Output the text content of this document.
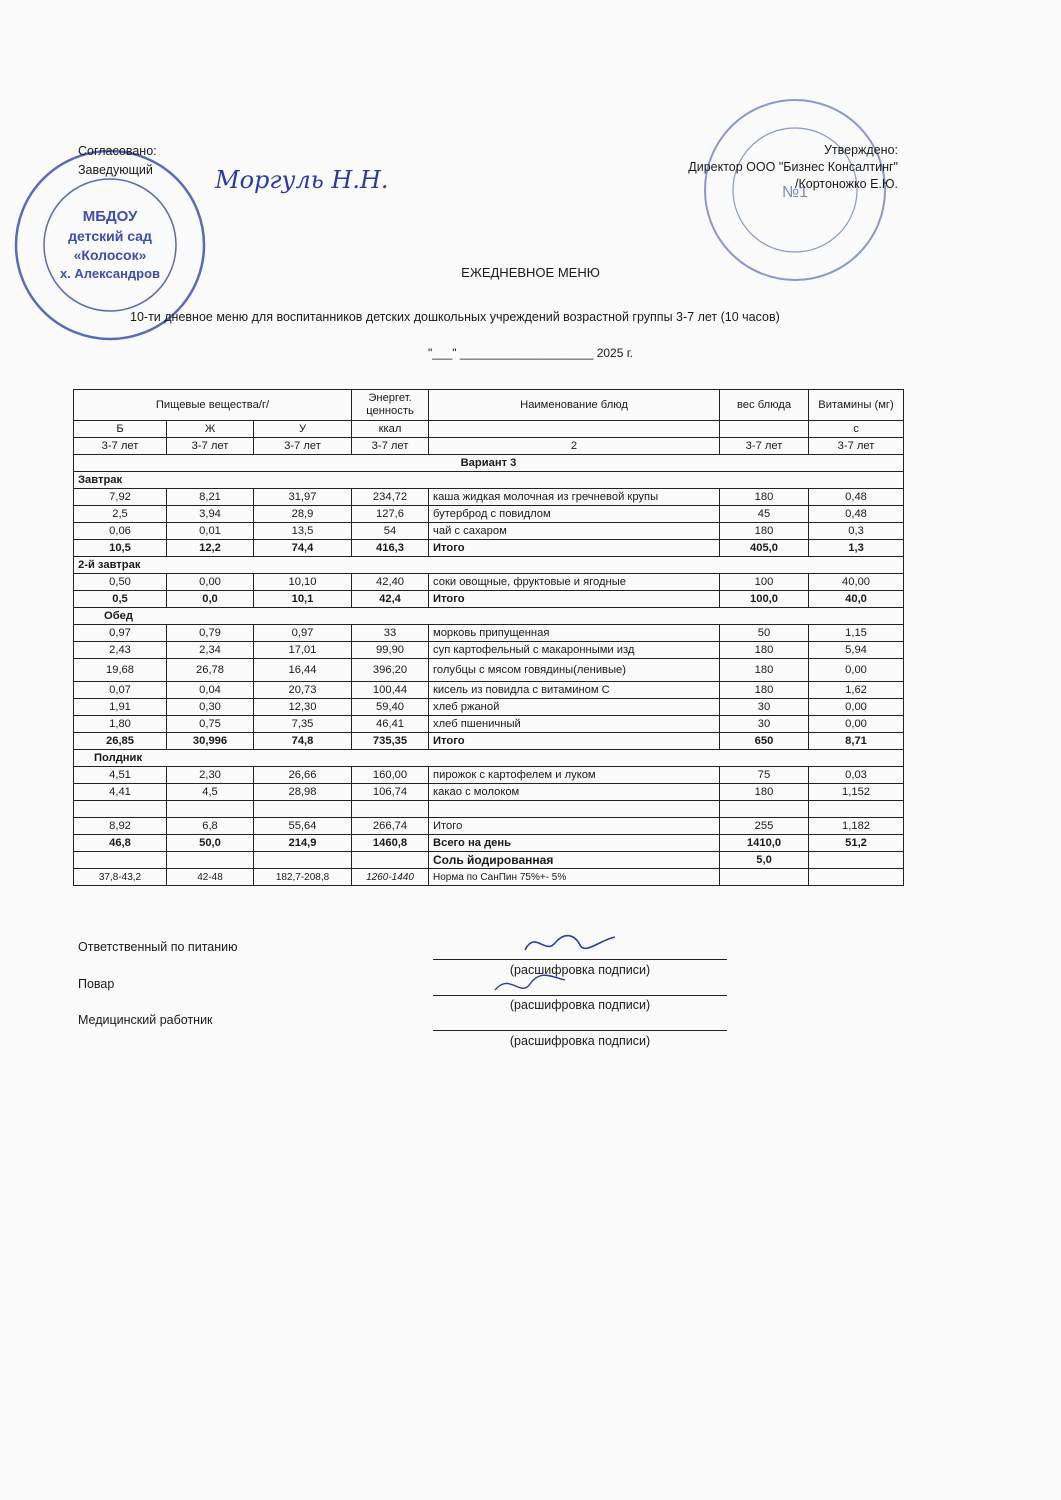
МБДОУ
детский сад
«Колосок»
х. Александров
№1
Согласовано:
Заведующий	Моргуль Н.Н.
Утверждено:
Директор ООО "Бизнес Консалтинг"
/Кортоножко Е.Ю.
ЕЖЕДНЕВНОЕ МЕНЮ
10-ти дневное меню для воспитанников детских дошкольных учреждений возрастной группы 3-7 лет (10 часов)
"___" ____________________ 2025 г.
Пищевые вещества/г/			Энергет. ценность	Наименование блюд	вес блюда	Витамины (мг)
Б	Ж	У	ккал			с
3-7 лет	3-7 лет	3-7 лет	3-7 лет	2	3-7 лет	3-7 лет
Вариант 3						
Завтрак						
7,92	8,21	31,97	234,72	каша жидкая молочная из гречневой крупы	180	0,48
2,5	3,94	28,9	127,6	бутерброд с повидлом	45	0,48
0,06	0,01	13,5	54	чай с сахаром	180	0,3
10,5	12,2	74,4	416,3	Итого	405,0	1,3
2-й завтрак						
0,50	0,00	10,10	42,40	соки овощные, фруктовые и ягодные	100	40,00
0,5	0,0	10,1	42,4	Итого	100,0	40,0
Обед						
0,97	0,79	0,97	33	морковь припущенная	50	1,15
2,43	2,34	17,01	99,90	суп картофельный с макаронными изд	180	5,94
19,68	26,78	16,44	396,20	голубцы с мясом говядины(ленивые)	180	0,00
0,07	0,04	20,73	100,44	кисель из повидла с витамином С	180	1,62
1,91	0,30	12,30	59,40	хлеб ржаной	30	0,00
1,80	0,75	7,35	46,41	хлеб пшеничный	30	0,00
26,85	30,996	74,8	735,35	Итого	650	8,71
Полдник						
4,51	2,30	26,66	160,00	пирожок с картофелем и луком	75	0,03
4,41	4,5	28,98	106,74	какао с молоком	180	1,152

8,92	6,8	55,64	266,74	Итого	255	1,182
46,8	50,0	214,9	1460,8	Всего на день	1410,0	51,2
				Соль йодированная	5,0	
37,8-43,2	42-48	182,7-208,8	1260-1440	Норма по СанПин 75%+- 5%		
Ответственный по питанию
(расшифровка подписи)
Повар
(расшифровка подписи)
Медицинский работник
(расшифровка подписи)
